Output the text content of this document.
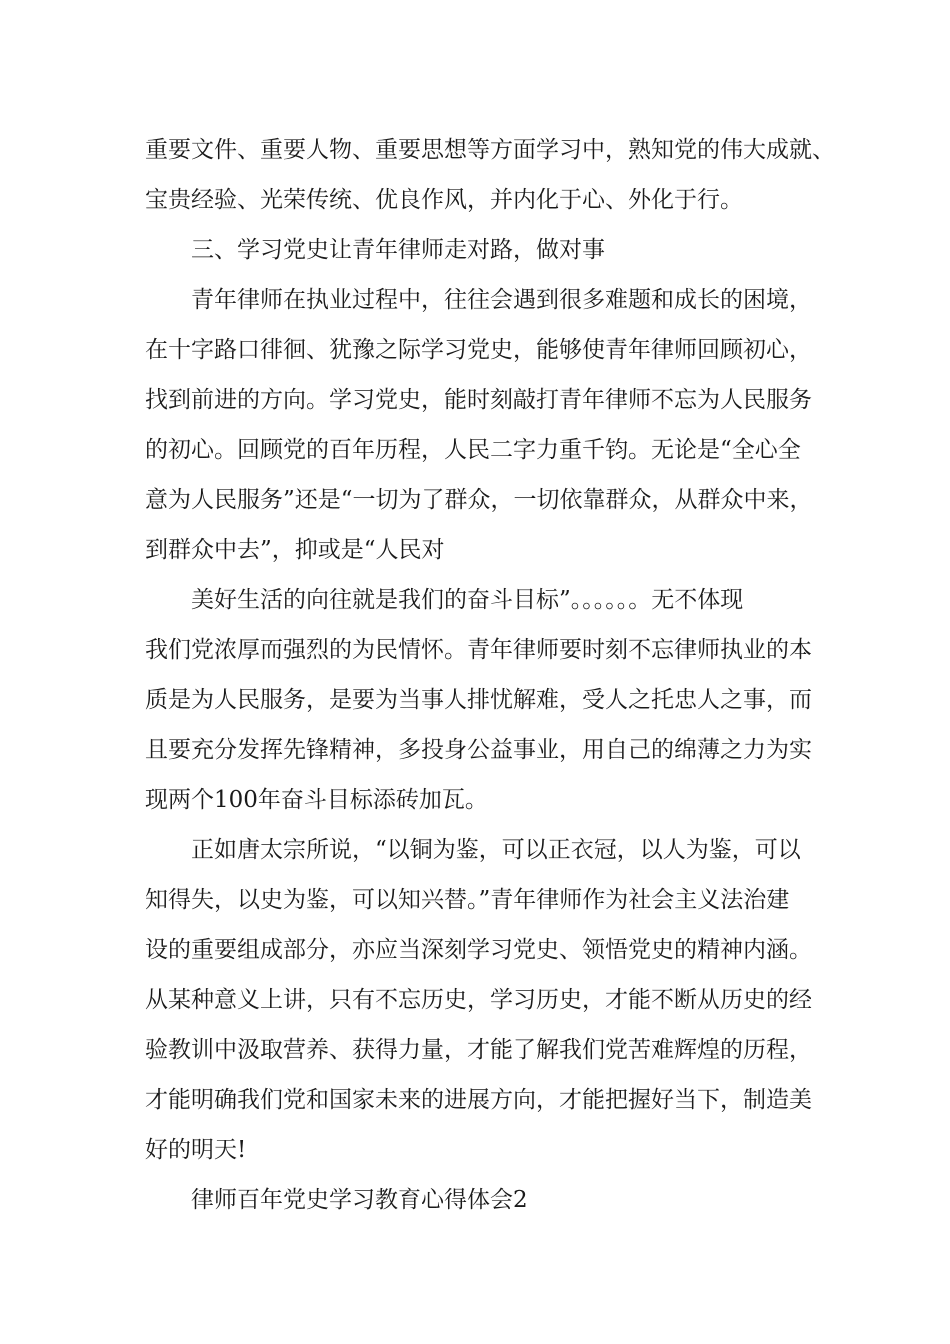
重要文件、重要人物、重要思想等方面学习中，熟知党的伟大成就、
宝贵经验、光荣传统、优良作风，并内化于心、外化于行。
三、学习党史让青年律师走对路，做对事
青年律师在执业过程中，往往会遇到很多难题和成长的困境，
在十字路口徘徊、犹豫之际学习党史，能够使青年律师回顾初心，
找到前进的方向。学习党史，能时刻敲打青年律师不忘为人民服务
的初心。回顾党的百年历程，人民二字力重千钧。无论是“全心全
意为人民服务”还是“一切为了群众，一切依靠群众，从群众中来，
到群众中去”，抑或是“人民对
美好生活的向往就是我们的奋斗目标”。。。。。。无不体现
我们党浓厚而强烈的为民情怀。青年律师要时刻不忘律师执业的本
质是为人民服务，是要为当事人排忧解难，受人之托忠人之事，而
且要充分发挥先锋精神，多投身公益事业，用自己的绵薄之力为实
现两个100年奋斗目标添砖加瓦。
正如唐太宗所说，“以铜为鉴，可以正衣冠，以人为鉴，可以
知得失，以史为鉴，可以知兴替。”青年律师作为社会主义法治建
设的重要组成部分，亦应当深刻学习党史、领悟党史的精神内涵。
从某种意义上讲，只有不忘历史，学习历史，才能不断从历史的经
验教训中汲取营养、获得力量，才能了解我们党苦难辉煌的历程，
才能明确我们党和国家未来的进展方向，才能把握好当下，制造美
好的明天!
律师百年党史学习教育心得体会2
